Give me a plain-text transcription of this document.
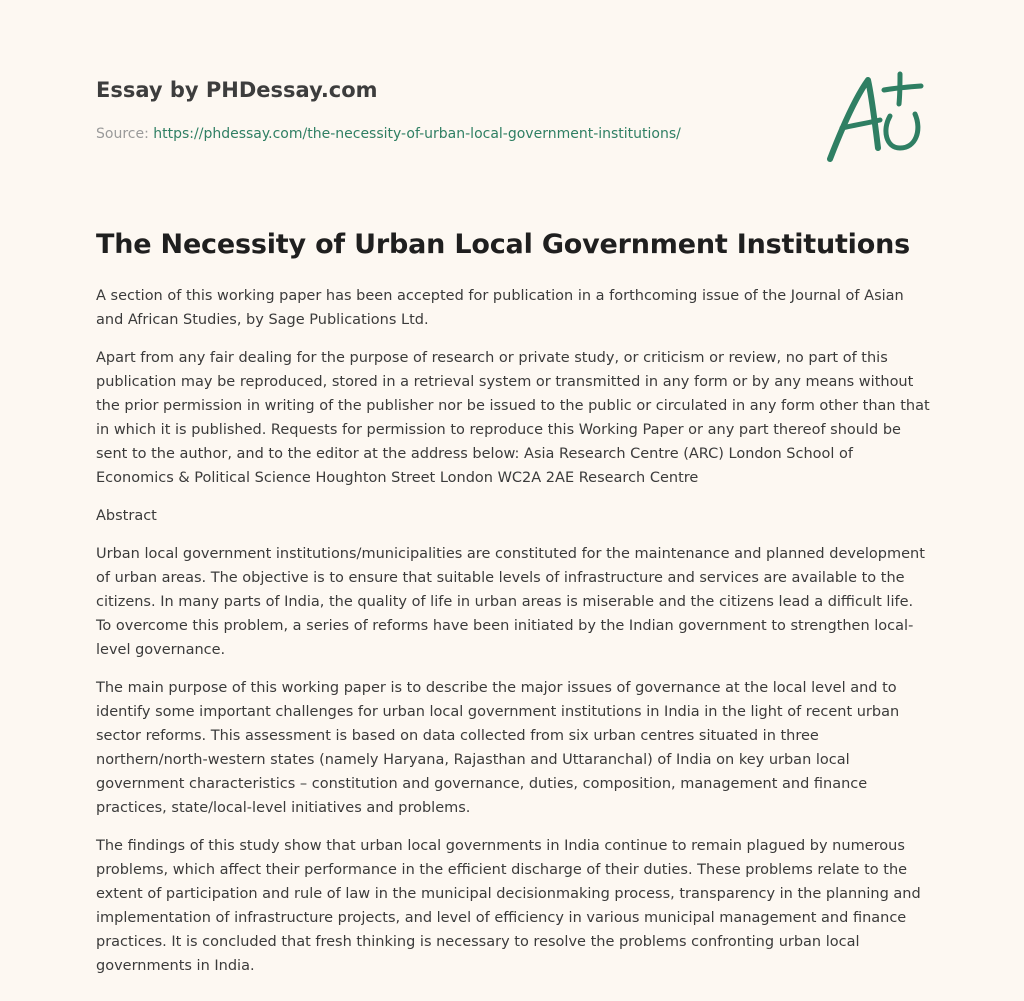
Essay by PHDessay.com
Source: https://phdessay.com/the-necessity-of-urban-local-government-institutions/
The Necessity of Urban Local Government Institutions

A section of this working paper has been accepted for publication in a forthcoming issue of the Journal of Asian and African Studies, by Sage Publications Ltd.

Apart from any fair dealing for the purpose of research or private study, or criticism or review, no part of this publication may be reproduced, stored in a retrieval system or transmitted in any form or by any means without the prior permission in writing of the publisher nor be issued to the public or circulated in any form other than that in which it is published. Requests for permission to reproduce this Working Paper or any part thereof should be sent to the author, and to the editor at the address below: Asia Research Centre (ARC) London School of Economics & Political Science Houghton Street London WC2A 2AE Research Centre

Abstract

Urban local government institutions/municipalities are constituted for the maintenance and planned development of urban areas. The objective is to ensure that suitable levels of infrastructure and services are available to the citizens. In many parts of India, the quality of life in urban areas is miserable and the citizens lead a difficult life. To overcome this problem, a series of reforms have been initiated by the Indian government to strengthen local-level governance.

The main purpose of this working paper is to describe the major issues of governance at the local level and to identify some important challenges for urban local government institutions in India in the light of recent urban sector reforms. This assessment is based on data collected from six urban centres situated in three northern/north-western states (namely Haryana, Rajasthan and Uttaranchal) of India on key urban local government characteristics – constitution and governance, duties, composition, management and finance practices, state/local-level initiatives and problems.

The findings of this study show that urban local governments in India continue to remain plagued by numerous problems, which affect their performance in the efficient discharge of their duties. These problems relate to the extent of participation and rule of law in the municipal decisionmaking process, transparency in the planning and implementation of infrastructure projects, and level of efficiency in various municipal management and finance practices. It is concluded that fresh thinking is necessary to resolve the problems confronting urban local governments in India.
